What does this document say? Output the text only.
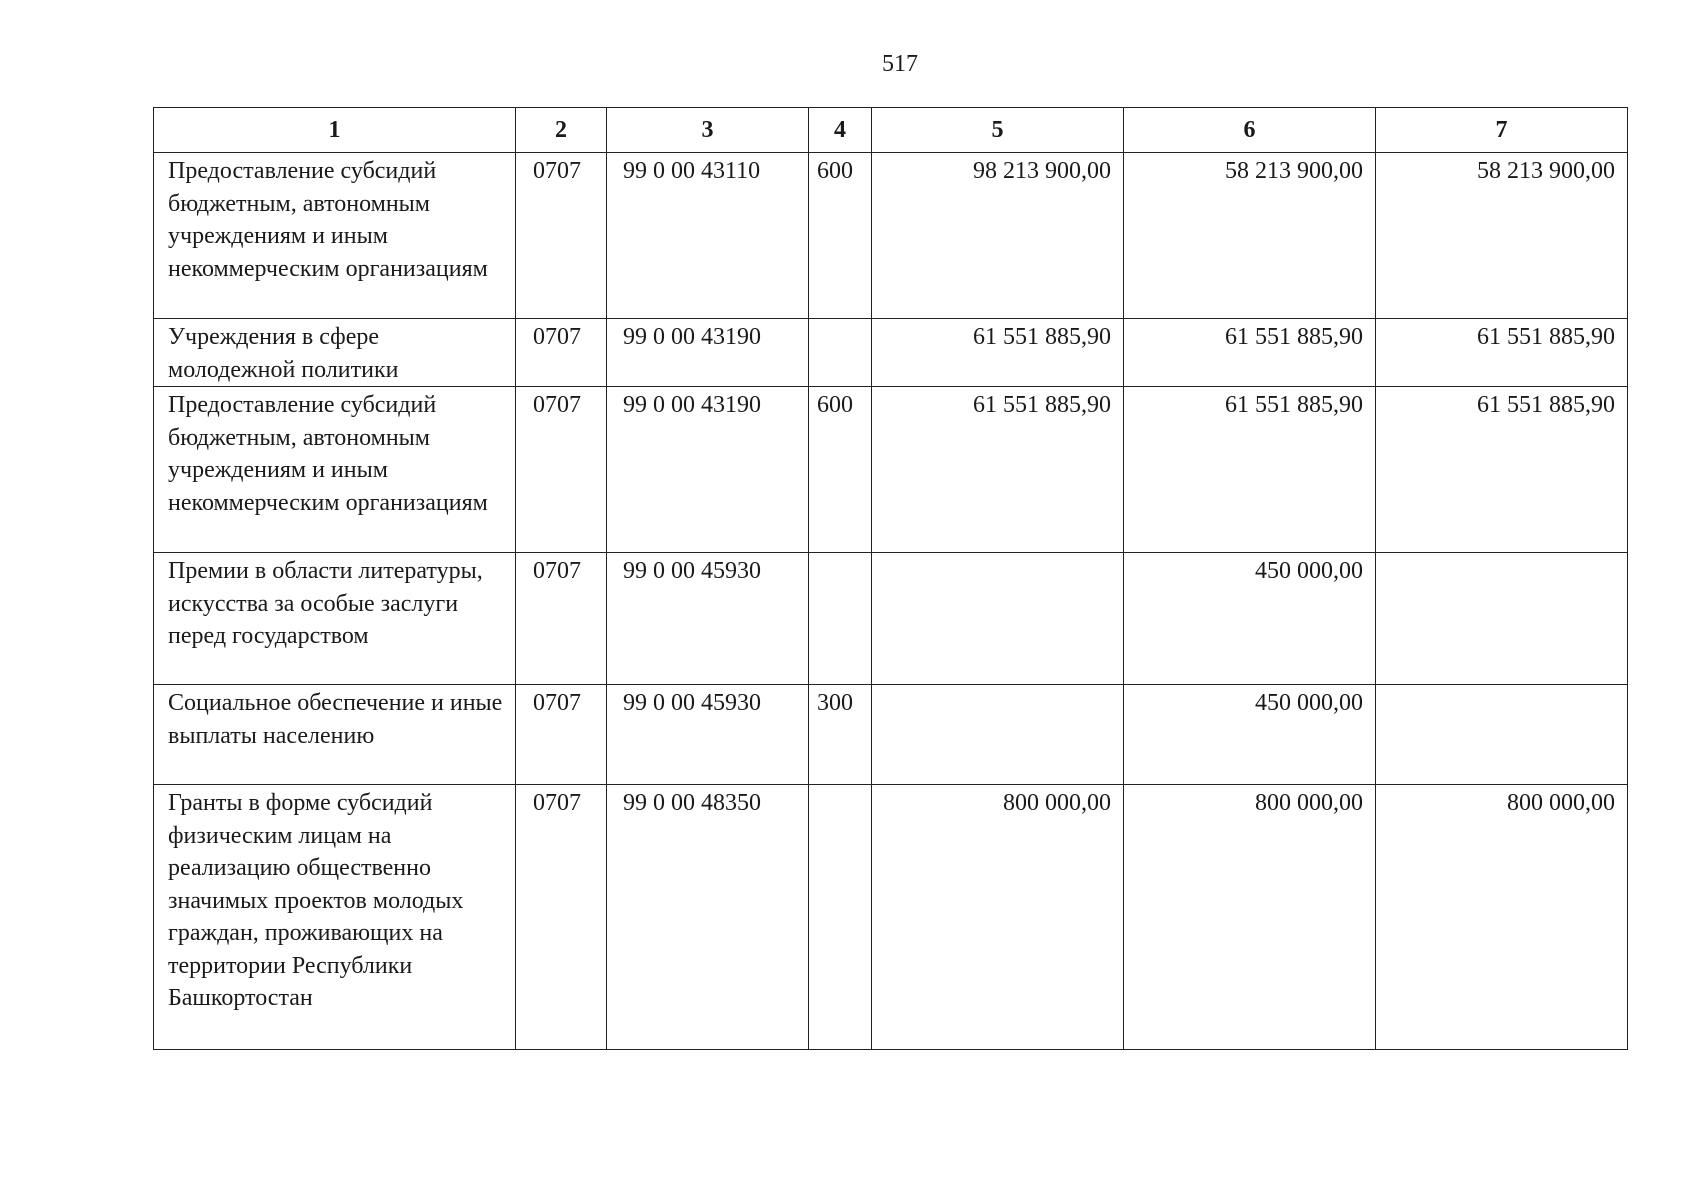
517
1	2	3	4	5	6	7
Предоставление субсидий бюджетным, автономным учреждениям и иным некоммерческим организациям	0707	99 0 00 43110	600	98 213 900,00	58 213 900,00	58 213 900,00
Учреждения в сфере молодежной политики	0707	99 0 00 43190		61 551 885,90	61 551 885,90	61 551 885,90
Предоставление субсидий бюджетным, автономным учреждениям и иным некоммерческим организациям	0707	99 0 00 43190	600	61 551 885,90	61 551 885,90	61 551 885,90
Премии в области литературы, искусства за особые заслуги перед государством	0707	99 0 00 45930			450 000,00	
Социальное обеспечение и иные выплаты населению	0707	99 0 00 45930	300		450 000,00	
Гранты в форме субсидий физическим лицам на реализацию общественно значимых проектов молодых граждан, проживающих на территории Республики Башкортостан	0707	99 0 00 48350		800 000,00	800 000,00	800 000,00
